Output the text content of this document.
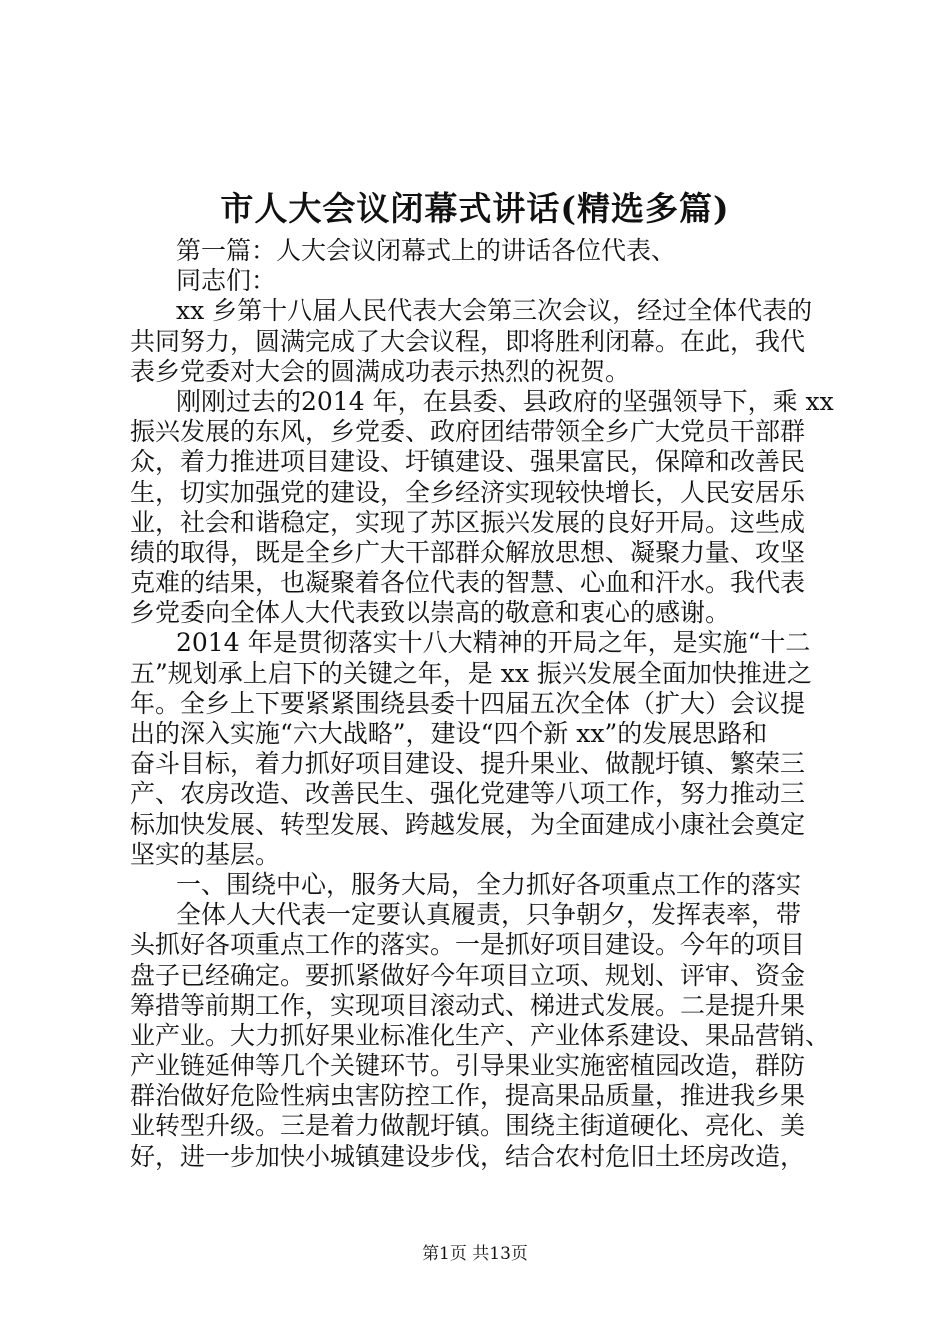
市人大会议闭幕式讲话(精选多篇)
第一篇：人大会议闭幕式上的讲话各位代表、
同志们：
xx 乡第十八届人民代表大会第三次会议，经过全体代表的
共同努力，圆满完成了大会议程，即将胜利闭幕。在此，我代
表乡党委对大会的圆满成功表示热烈的祝贺。
刚刚过去的2014 年，在县委、县政府的坚强领导下，乘 xx
振兴发展的东风，乡党委、政府团结带领全乡广大党员干部群
众，着力推进项目建设、圩镇建设、强果富民，保障和改善民
生，切实加强党的建设，全乡经济实现较快增长，人民安居乐
业，社会和谐稳定，实现了苏区振兴发展的良好开局。这些成
绩的取得，既是全乡广大干部群众解放思想、凝聚力量、攻坚
克难的结果，也凝聚着各位代表的智慧、心血和汗水。我代表
乡党委向全体人大代表致以崇高的敬意和衷心的感谢。
2014 年是贯彻落实十八大精神的开局之年，是实施“十二
五”规划承上启下的关键之年，是 xx 振兴发展全面加快推进之
年。全乡上下要紧紧围绕县委十四届五次全体（扩大）会议提
出的深入实施“六大战略”，建设“四个新 xx”的发展思路和
奋斗目标，着力抓好项目建设、提升果业、做靓圩镇、繁荣三
产、农房改造、改善民生、强化党建等八项工作，努力推动三
标加快发展、转型发展、跨越发展，为全面建成小康社会奠定
坚实的基层。
一、围绕中心，服务大局，全力抓好各项重点工作的落实
全体人大代表一定要认真履责，只争朝夕，发挥表率，带
头抓好各项重点工作的落实。一是抓好项目建设。今年的项目
盘子已经确定。要抓紧做好今年项目立项、规划、评审、资金
筹措等前期工作，实现项目滚动式、梯进式发展。二是提升果
业产业。大力抓好果业标准化生产、产业体系建设、果品营销、
产业链延伸等几个关键环节。引导果业实施密植园改造，群防
群治做好危险性病虫害防控工作，提高果品质量，推进我乡果
业转型升级。三是着力做靓圩镇。围绕主街道硬化、亮化、美
好，进一步加快小城镇建设步伐，结合农村危旧土坯房改造，
第1页 共13页
